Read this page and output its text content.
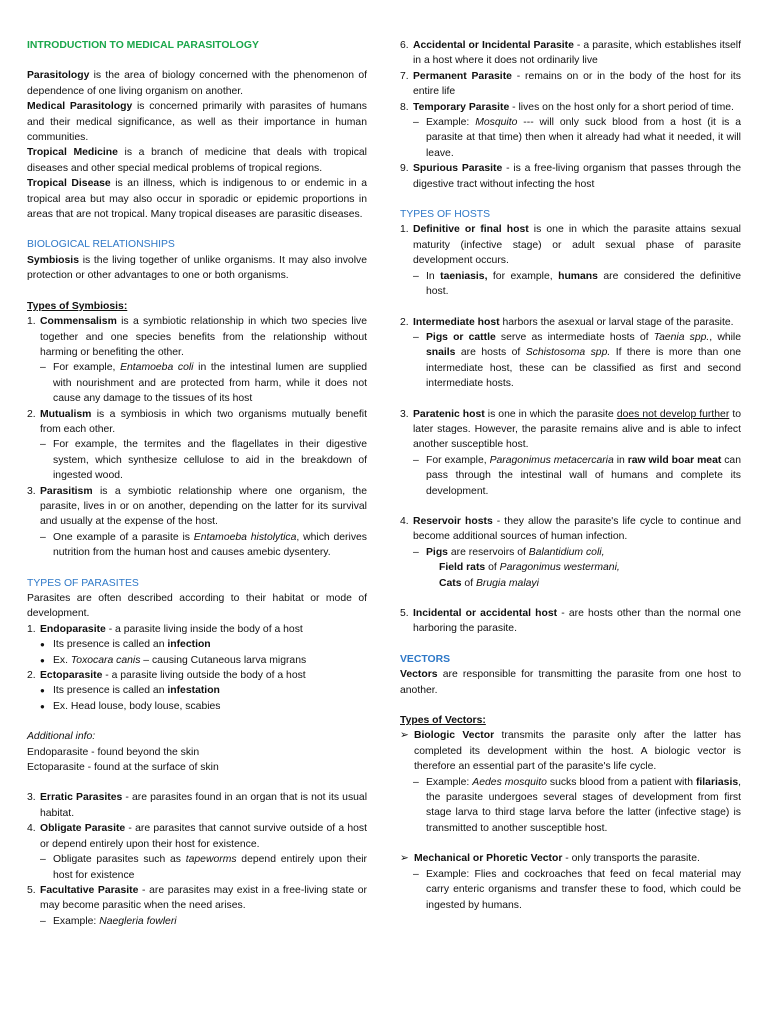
INTRODUCTION TO MEDICAL PARASITOLOGY

Parasitology is the area of biology concerned with the phenomenon of dependence of one living organism on another.

Medical Parasitology is concerned primarily with parasites of humans and their medical significance, as well as their importance in human communities.

Tropical Medicine is a branch of medicine that deals with tropical diseases and other special medical problems of tropical regions.

Tropical Disease is an illness, which is indigenous to or endemic in a tropical area but may also occur in sporadic or epidemic proportions in areas that are not tropical. Many tropical diseases are parasitic diseases.

BIOLOGICAL RELATIONSHIPS

Symbiosis is the living together of unlike organisms. It may also involve protection or other advantages to one or both organisms.

Types of Symbiosis:

1. Commensalism is a symbiotic relationship in which two species live together and one species benefits from the relationship without harming or benefiting the other.
– For example, Entamoeba coli in the intestinal lumen are supplied with nourishment and are protected from harm, while it does not cause any damage to the tissues of its host
2. Mutualism is a symbiosis in which two organisms mutually benefit from each other.
– For example, the termites and the flagellates in their digestive system, which synthesize cellulose to aid in the breakdown of ingested wood.
3. Parasitism is a symbiotic relationship where one organism, the parasite, lives in or on another, depending on the latter for its survival and usually at the expense of the host.
– One example of a parasite is Entamoeba histolytica, which derives nutrition from the human host and causes amebic dysentery.

TYPES OF PARASITES

Parasites are often described according to their habitat or mode of development.

1. Endoparasite - a parasite living inside the body of a host
● Its presence is called an infection
● Ex. Toxocara canis – causing Cutaneous larva migrans
2. Ectoparasite - a parasite living outside the body of a host
● Its presence is called an infestation
● Ex. Head louse, body louse, scabies

Additional info:

Endoparasite - found beyond the skin

Ectoparasite - found at the surface of skin

3. Erratic Parasites - are parasites found in an organ that is not its usual habitat.
4. Obligate Parasite - are parasites that cannot survive outside of a host or depend entirely upon their host for existence.
– Obligate parasites such as tapeworms depend entirely upon their host for existence
5. Facultative Parasite - are parasites may exist in a free-living state or may become parasitic when the need arises.
– Example: Naegleria fowleri
6. Accidental or Incidental Parasite - a parasite, which establishes itself in a host where it does not ordinarily live
7. Permanent Parasite - remains on or in the body of the host for its entire life
8. Temporary Parasite - lives on the host only for a short period of time.
– Example: Mosquito --- will only suck blood from a host (it is a parasite at that time) then when it already had what it needed, it will leave.
9. Spurious Parasite - is a free-living organism that passes through the digestive tract without infecting the host

TYPES OF HOSTS

1. Definitive or final host is one in which the parasite attains sexual maturity (infective stage) or adult sexual phase of parasite development occurs.
– In taeniasis, for example, humans are considered the definitive host.
2. Intermediate host harbors the asexual or larval stage of the parasite.
– Pigs or cattle serve as intermediate hosts of Taenia spp., while snails are hosts of Schistosoma spp. If there is more than one intermediate host, these can be classified as first and second intermediate hosts.
3. Paratenic host is one in which the parasite does not develop further to later stages. However, the parasite remains alive and is able to infect another susceptible host.
– For example, Paragonimus metacercaria in raw wild boar meat can pass through the intestinal wall of humans and complete its development.
4. Reservoir hosts - they allow the parasite's life cycle to continue and become additional sources of human infection.
– Pigs are reservoirs of Balantidium coli,
Field rats of Paragonimus westermani,
Cats of Brugia malayi
5. Incidental or accidental host - are hosts other than the normal one harboring the parasite.

VECTORS

Vectors are responsible for transmitting the parasite from one host to another.

Types of Vectors:

➢ Biologic Vector transmits the parasite only after the latter has completed its development within the host. A biologic vector is therefore an essential part of the parasite's life cycle.
– Example: Aedes mosquito sucks blood from a patient with filariasis, the parasite undergoes several stages of development from first stage larva to third stage larva before the latter (infective stage) is transmitted to another susceptible host.
➢ Mechanical or Phoretic Vector - only transports the parasite.
– Example: Flies and cockroaches that feed on fecal material may carry enteric organisms and transfer these to food, which could be ingested by humans.
